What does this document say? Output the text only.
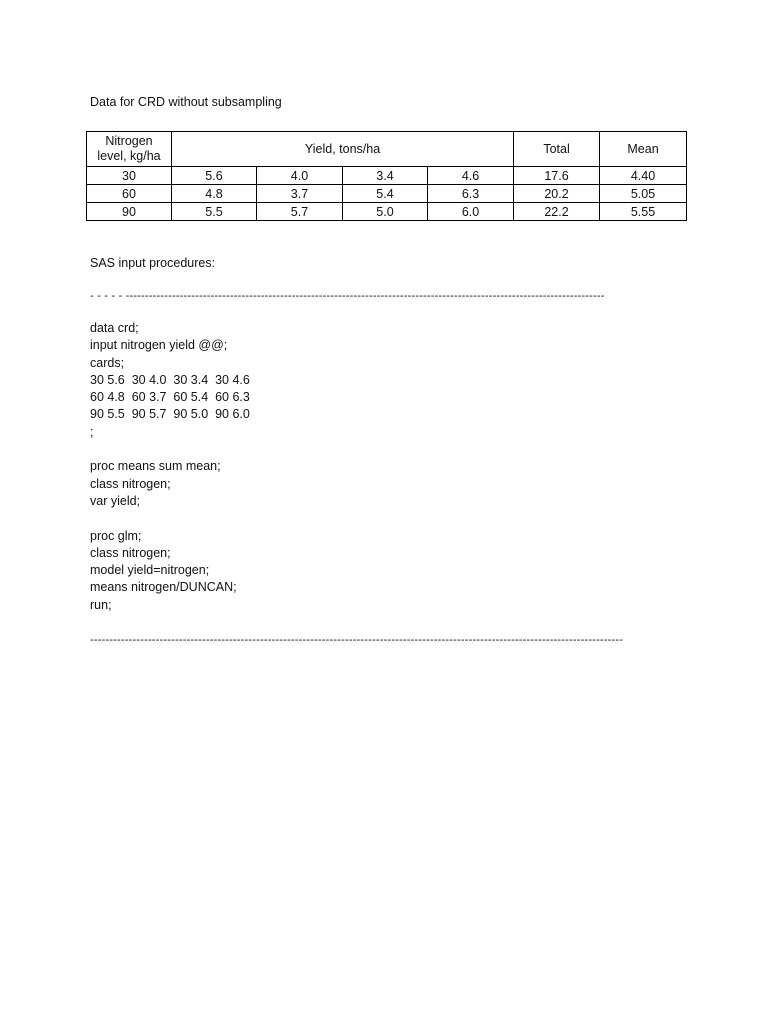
Data for CRD without subsampling
Nitrogen
level, kg/ha	Yield, tons/ha				Total	Mean
30	5.6	4.0	3.4	4.6	17.6	4.40
60	4.8	3.7	5.4	6.3	20.2	5.05
90	5.5	5.7	5.0	6.0	22.2	5.55
SAS input procedures:
- - - - - ----------------------------------------------------------------------------------------------------------------------------
data crd;
input nitrogen yield @@;
cards;
30 5.6  30 4.0  30 3.4  30 4.6
60 4.8  60 3.7  60 5.4  60 6.3
90 5.5  90 5.7  90 5.0  90 6.0
;
proc means sum mean;
class nitrogen;
var yield;
proc glm;
class nitrogen;
model yield=nitrogen;
means nitrogen/DUNCAN;
run;
------------------------------------------------------------------------------------------------------------------------------------------
